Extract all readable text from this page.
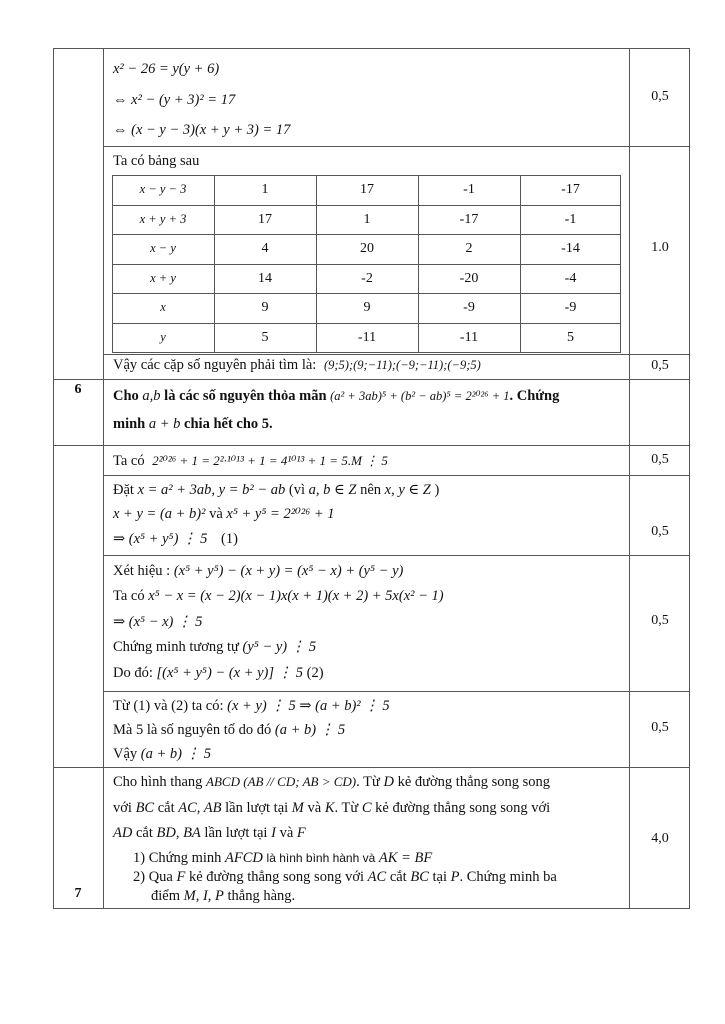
x² − 26 = y(y + 6)
⇔ x² − (y + 3)² = 17
⇔ (x − y − 3)(x + y + 3) = 17
0,5
Ta có bảng sau
x − y − 3	1	17	-1	-17
x + y + 3	17	1	-17	-1
x − y	4	20	2	-14
x + y	14	-2	-20	-4
x	9	9	-9	-9
y	5	-11	-11	5
1.0
Vậy các cặp số nguyên phải tìm là: (9;5);(9;−11);(−9;−11);(−9;5)	0,5
6	Cho a,b là các số nguyên thỏa mãn (a² + 3ab)⁵ + (b² − ab)⁵ = 2²⁰²⁶ + 1. Chứng
minh a + b chia hết cho 5.
Ta có 2²⁰²⁶ + 1 = 2²·¹⁰¹³ + 1 = 4¹⁰¹³ + 1 = 5.M ⋮ 5	0,5
Đặt x = a² + 3ab, y = b² − ab (vì a, b ∈ Z nên x, y ∈ Z )
x + y = (a + b)² và x⁵ + y⁵ = 2²⁰²⁶ + 1
⇒ (x⁵ + y⁵) ⋮ 5 (1)	0,5
Xét hiệu : (x⁵ + y⁵) − (x + y) = (x⁵ − x) + (y⁵ − y)
Ta có x⁵ − x = (x − 2)(x − 1)x(x + 1)(x + 2) + 5x(x² − 1)
⇒ (x⁵ − x) ⋮ 5
Chứng minh tương tự (y⁵ − y) ⋮ 5
Do đó: [(x⁵ + y⁵) − (x + y)] ⋮ 5 (2)
0,5
Từ (1) và (2) ta có: (x + y) ⋮ 5 ⇒ (a + b)² ⋮ 5
Mà 5 là số nguyên tố do đó (a + b) ⋮ 5
Vậy (a + b) ⋮ 5
0,5
7
Cho hình thang ABCD (AB // CD; AB > CD). Từ D kẻ đường thẳng song song
với BC cắt AC, AB lần lượt tại M và K. Từ C kẻ đường thẳng song song với
AD cắt BD, BA lần lượt tại I và F
1) Chứng minh AFCD là hình bình hành và AK = BF
2) Qua F kẻ đường thẳng song song với AC cắt BC tại P. Chứng minh ba
điểm M, I, P thẳng hàng.
4,0
